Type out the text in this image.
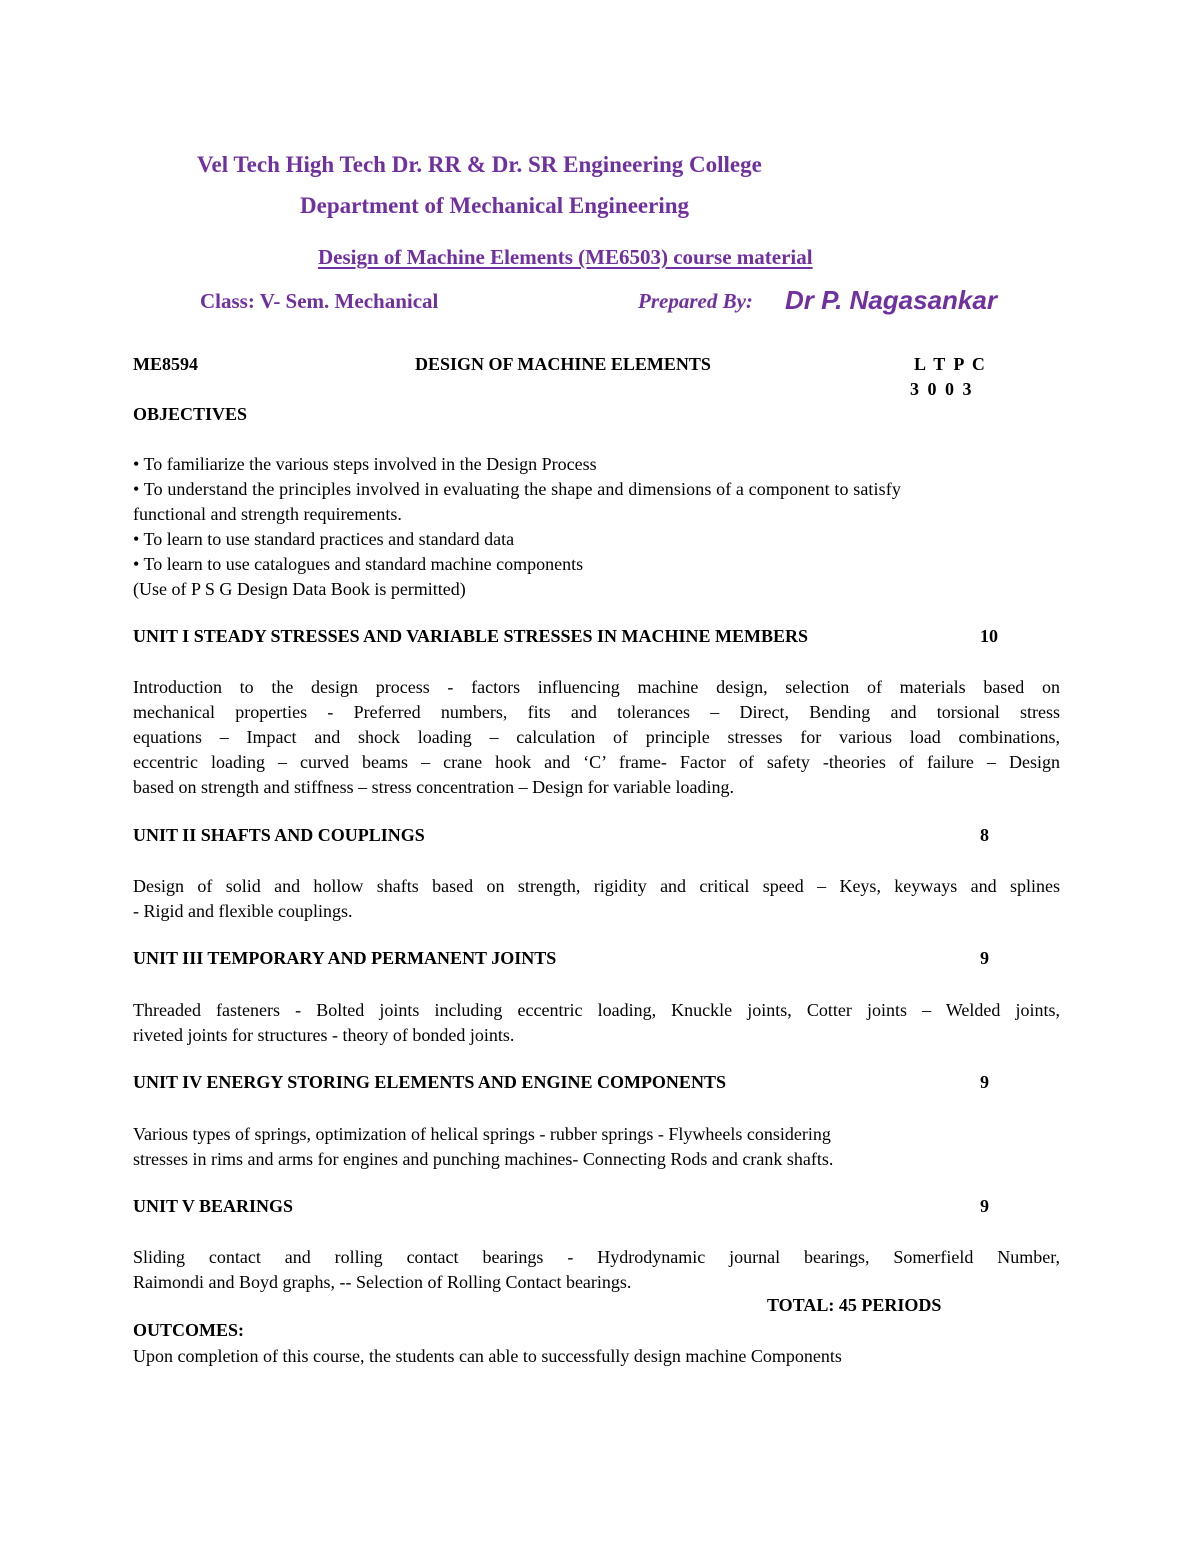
Vel Tech High Tech Dr. RR & Dr. SR Engineering College
Department of Mechanical Engineering
Design of Machine Elements (ME6503) course material
Class: V- Sem. Mechanical	Prepared By: Dr P. Nagasankar
ME8594	DESIGN OF MACHINE ELEMENTS	L T P C
3 0 0 3
OBJECTIVES
• To familiarize the various steps involved in the Design Process
• To understand the principles involved in evaluating the shape and dimensions of a component to satisfy
functional and strength requirements.
• To learn to use standard practices and standard data
• To learn to use catalogues and standard machine components
(Use of P S G Design Data Book is permitted)
UNIT I STEADY STRESSES AND VARIABLE STRESSES IN MACHINE MEMBERS	10
Introduction to the design process - factors influencing machine design, selection of materials based on
mechanical properties - Preferred numbers, fits and tolerances – Direct, Bending and torsional stress
equations – Impact and shock loading – calculation of principle stresses for various load combinations,
eccentric loading – curved beams – crane hook and ‘C’ frame- Factor of safety -theories of failure – Design
based on strength and stiffness – stress concentration – Design for variable loading.
UNIT II SHAFTS AND COUPLINGS	8
Design of solid and hollow shafts based on strength, rigidity and critical speed – Keys, keyways and splines
- Rigid and flexible couplings.
UNIT III TEMPORARY AND PERMANENT JOINTS	9
Threaded fasteners - Bolted joints including eccentric loading, Knuckle joints, Cotter joints – Welded joints,
riveted joints for structures - theory of bonded joints.
UNIT IV ENERGY STORING ELEMENTS AND ENGINE COMPONENTS	9
Various types of springs, optimization of helical springs - rubber springs - Flywheels considering
stresses in rims and arms for engines and punching machines- Connecting Rods and crank shafts.
UNIT V BEARINGS	9
Sliding contact and rolling contact bearings - Hydrodynamic journal bearings, Somerfield Number,
Raimondi and Boyd graphs, -- Selection of Rolling Contact bearings.
TOTAL: 45 PERIODS
OUTCOMES:
Upon completion of this course, the students can able to successfully design machine Components
